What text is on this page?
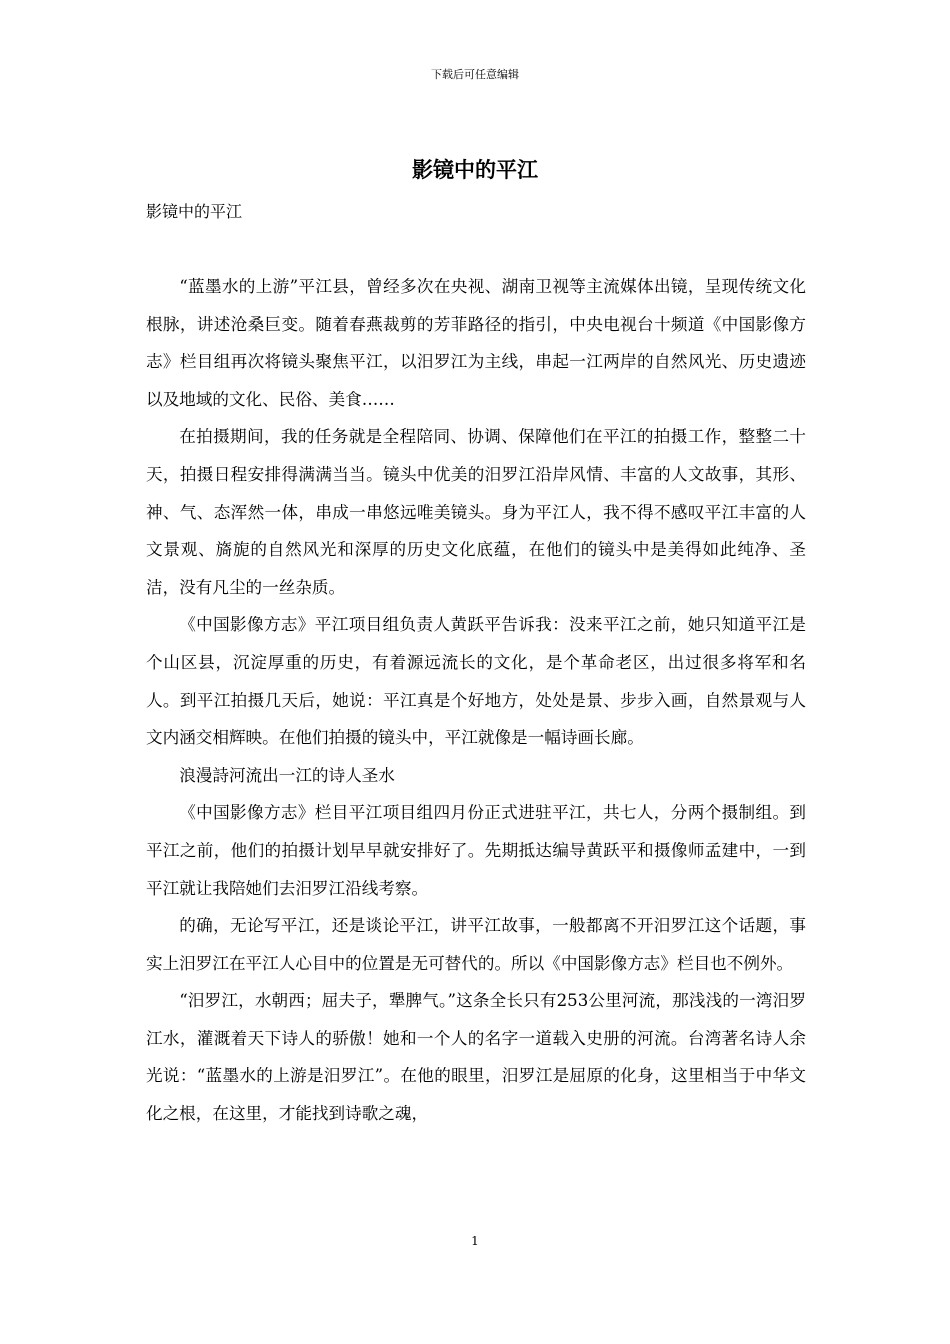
下载后可任意编辑
影镜中的平江
影镜中的平江

“蓝墨水的上游”平江县，曾经多次在央视、湖南卫视等主流媒体出镜，呈现传统文化根脉，讲述沧桑巨变。随着春燕裁剪的芳菲路径的指引，中央电视台十频道《中国影像方志》栏目组再次将镜头聚焦平江，以汨罗江为主线，串起一江两岸的自然风光、历史遗迹以及地域的文化、民俗、美食……

在拍摄期间，我的任务就是全程陪同、协调、保障他们在平江的拍摄工作，整整二十天，拍摄日程安排得满满当当。镜头中优美的汨罗江沿岸风情、丰富的人文故事，其形、神、气、态浑然一体，串成一串悠远唯美镜头。身为平江人，我不得不感叹平江丰富的人文景观、旖旎的自然风光和深厚的历史文化底蕴，在他们的镜头中是美得如此纯净、圣洁，没有凡尘的一丝杂质。

《中国影像方志》平江项目组负责人黄跃平告诉我：没来平江之前，她只知道平江是个山区县，沉淀厚重的历史，有着源远流长的文化，是个革命老区，出过很多将军和名人。到平江拍摄几天后，她说：平江真是个好地方，处处是景、步步入画，自然景观与人文内涵交相辉映。在他们拍摄的镜头中，平江就像是一幅诗画长廊。

浪漫詩河流出一江的诗人圣水

《中国影像方志》栏目平江项目组四月份正式进驻平江，共七人，分两个摄制组。到平江之前，他们的拍摄计划早早就安排好了。先期抵达编导黄跃平和摄像师孟建中，一到平江就让我陪她们去汨罗江沿线考察。

的确，无论写平江，还是谈论平江，讲平江故事，一般都离不开汨罗江这个话题，事实上汨罗江在平江人心目中的位置是无可替代的。所以《中国影像方志》栏目也不例外。

“汨罗江，水朝西；屈夫子，犟脾气。”这条全长只有253公里河流，那浅浅的一湾汨罗江水，灌溉着天下诗人的骄傲！她和一个人的名字一道载入史册的河流。台湾著名诗人余光说：“蓝墨水的上游是汨罗江”。在他的眼里，汨罗江是屈原的化身，这里相当于中华文化之根，在这里，才能找到诗歌之魂，

1
